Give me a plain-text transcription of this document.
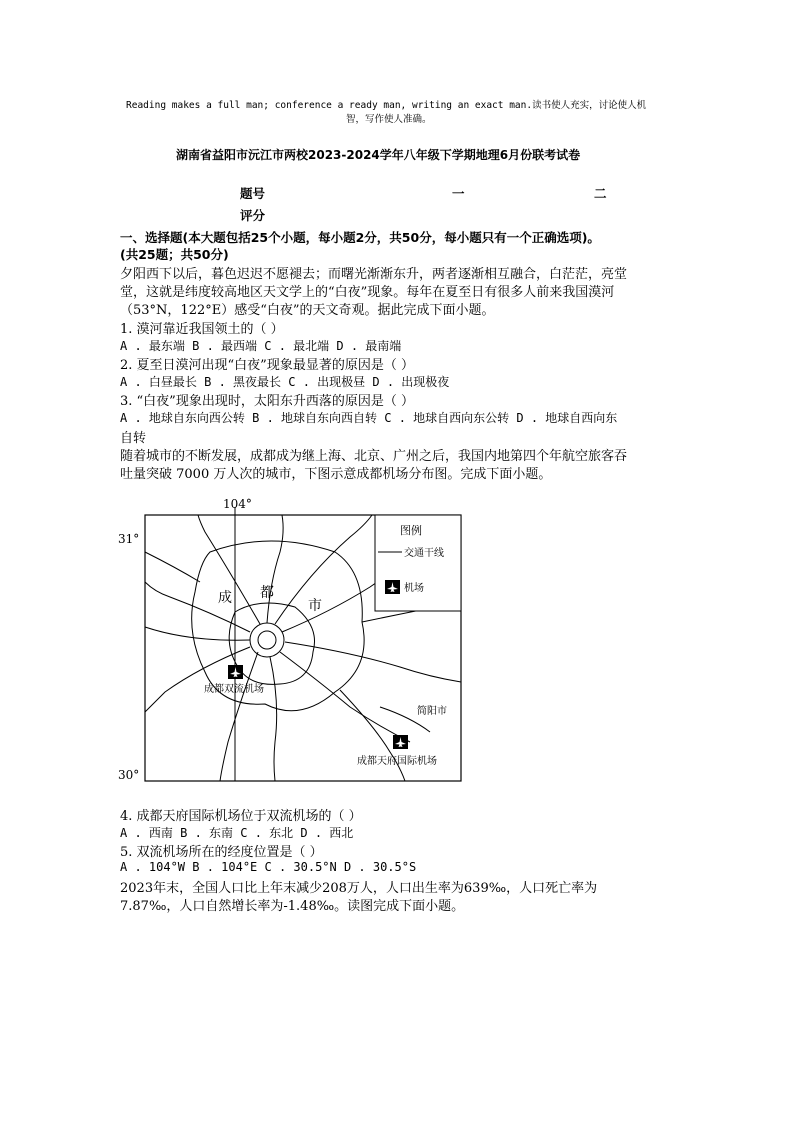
Reading makes a full man; conference a ready man, writing an exact man.读书使人充实，讨论使人机
智，写作使人准确。
湖南省益阳市沅江市两校2023-2024学年八年级下学期地理6月份联考试卷
题号	一	二
评分
一、选择题(本大题包括25个小题，每小题2分，共50分，每小题只有一个正确选项)。
(共25题；共50分)
夕阳西下以后，暮色迟迟不愿褪去；而曙光渐渐东升，两者逐渐相互融合，白茫茫，亮堂
堂，这就是纬度较高地区天文学上的“白夜”现象。每年在夏至日有很多人前来我国漠河
（53°N，122°E）感受“白夜”的天文奇观。据此完成下面小题。
1. 漠河靠近我国领土的（ ）
A . 最东端 B . 最西端 C . 最北端 D . 最南端
2. 夏至日漠河出现“白夜”现象最显著的原因是（ ）
A . 白昼最长 B . 黑夜最长 C . 出现极昼 D . 出现极夜
3. “白夜”现象出现时，太阳东升西落的原因是（ ）
A . 地球自东向西公转 B . 地球自东向西自转 C . 地球自西向东公转 D . 地球自西向东
自转
随着城市的不断发展，成都成为继上海、北京、广州之后，我国内地第四个年航空旅客吞
吐量突破 7000 万人次的城市，下图示意成都机场分布图。完成下面小题。
104°
31°
30°
图例
交通干线
机场
成 都
市
成都双流机场
简阳市
成都天府国际机场
4. 成都天府国际机场位于双流机场的（ ）
A . 西南 B . 东南 C . 东北 D . 西北
5. 双流机场所在的经度位置是（ ）
A . 104°W B . 104°E C . 30.5°N D . 30.5°S
2023年末，全国人口比上年末减少208万人，人口出生率为639‰，人口死亡率为
7.87‰，人口自然增长率为-1.48‰。读图完成下面小题。
